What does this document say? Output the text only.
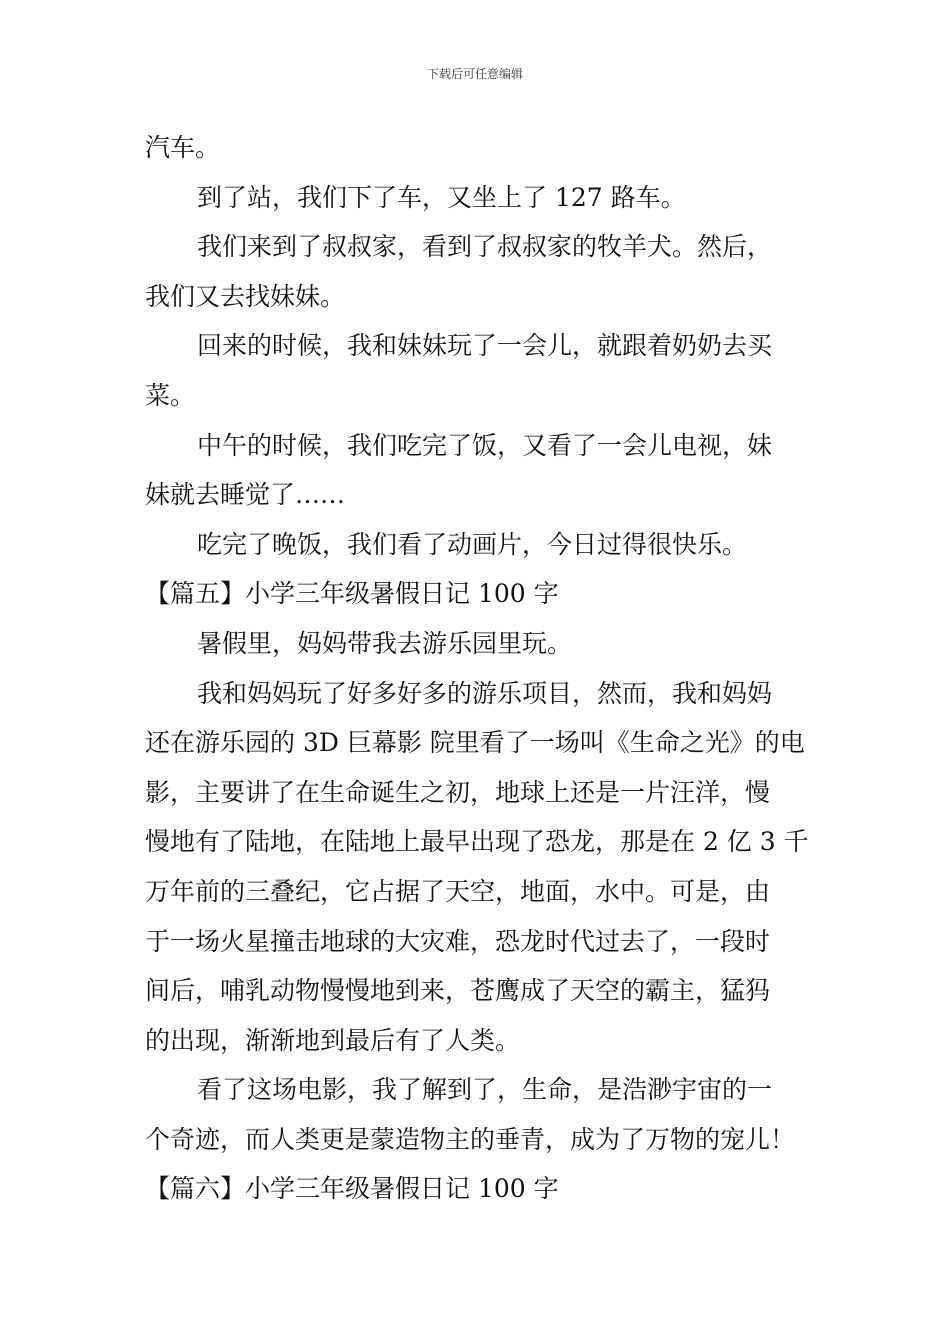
下载后可任意编辑
汽车。
到了站，我们下了车，又坐上了 127 路车。
我们来到了叔叔家，看到了叔叔家的牧羊犬。然后，
我们又去找妹妹。
回来的时候，我和妹妹玩了一会儿，就跟着奶奶去买
菜。
中午的时候，我们吃完了饭，又看了一会儿电视，妹
妹就去睡觉了……
吃完了晚饭，我们看了动画片，今日过得很快乐。
【篇五】小学三年级暑假日记 100 字
暑假里，妈妈带我去游乐园里玩。
我和妈妈玩了好多好多的游乐项目，然而，我和妈妈
还在游乐园的 3D 巨幕影 院里看了一场叫《生命之光》的电
影，主要讲了在生命诞生之初，地球上还是一片汪洋，慢
慢地有了陆地，在陆地上最早出现了恐龙，那是在 2 亿 3 千
万年前的三叠纪，它占据了天空，地面，水中。可是，由
于一场火星撞击地球的大灾难，恐龙时代过去了，一段时
间后，哺乳动物慢慢地到来，苍鹰成了天空的霸主，猛犸
的出现，渐渐地到最后有了人类。
看了这场电影，我了解到了，生命，是浩渺宇宙的一
个奇迹，而人类更是蒙造物主的垂青，成为了万物的宠儿！
【篇六】小学三年级暑假日记 100 字
